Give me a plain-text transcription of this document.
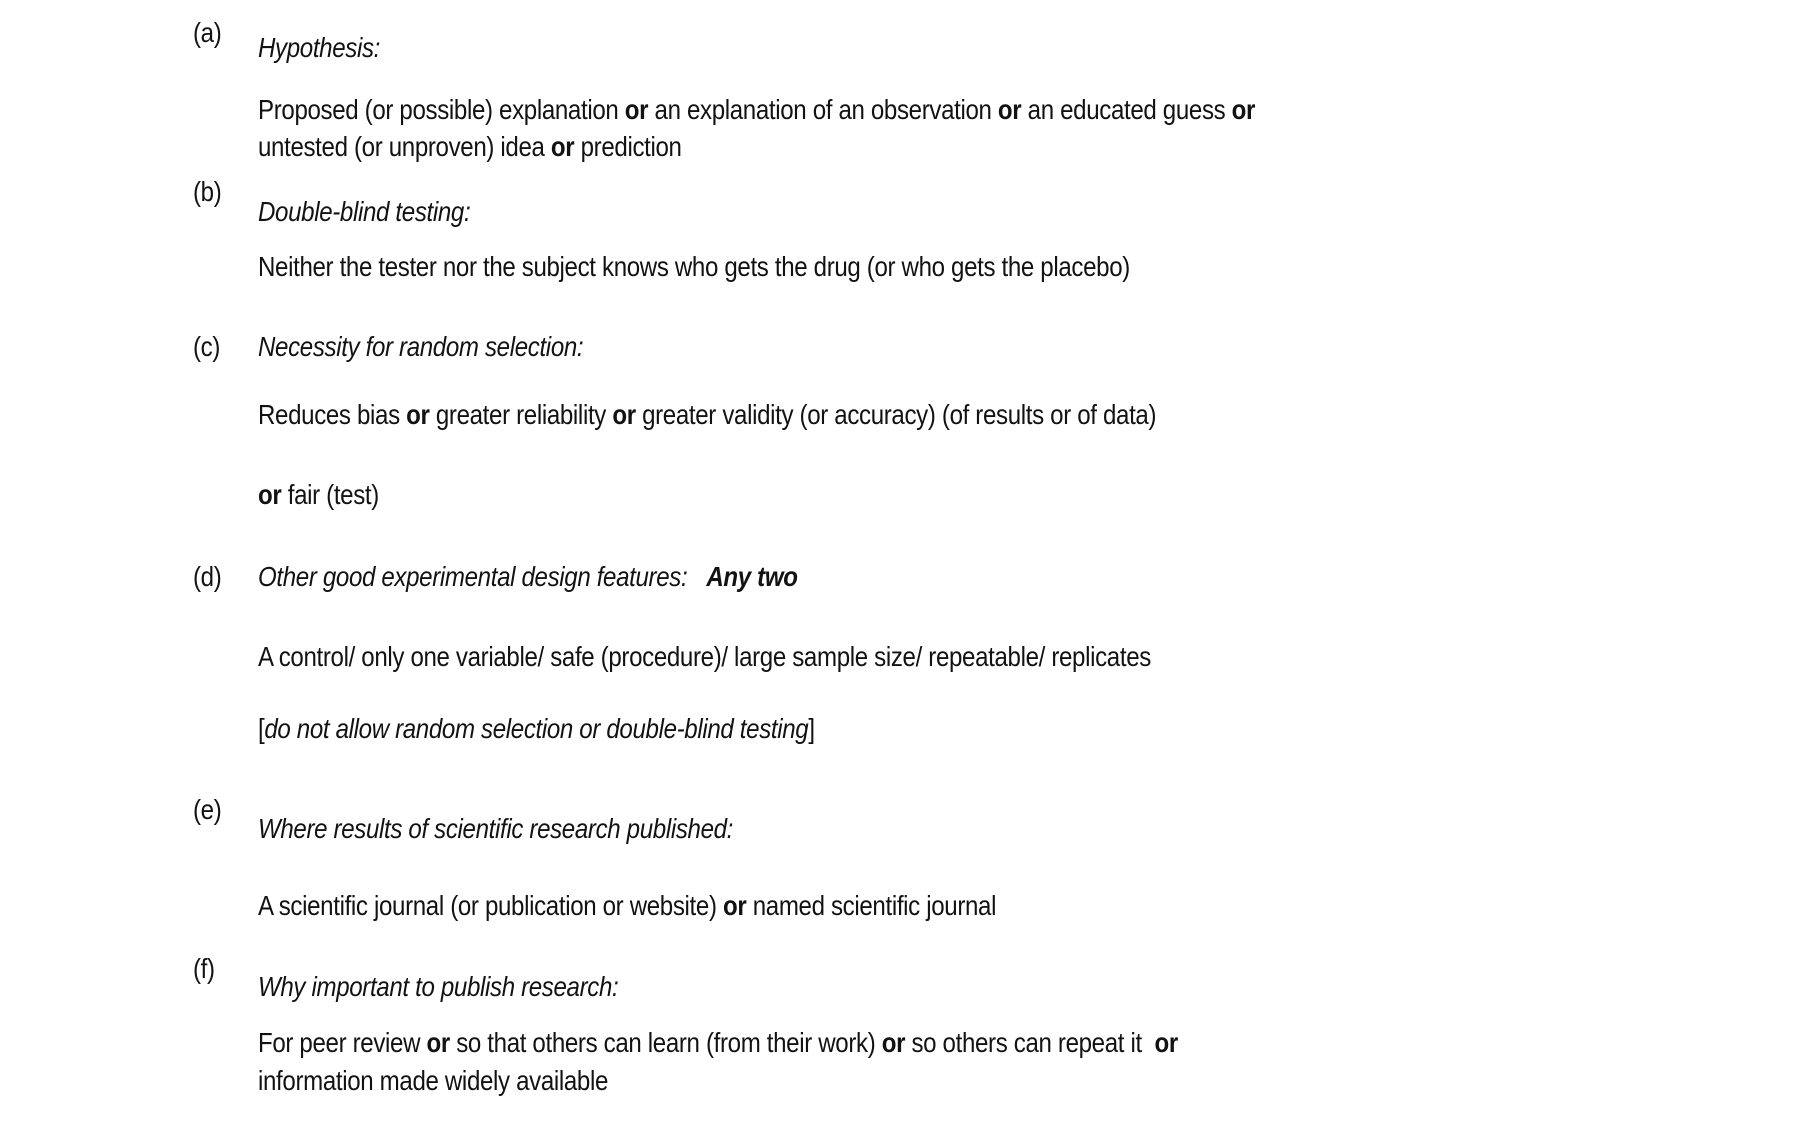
(a) Hypothesis:
Proposed (or possible) explanation or an explanation of an observation or an educated guess or
untested (or unproven) idea or prediction
(b)
Double-blind testing:
Neither the tester nor the subject knows who gets the drug (or who gets the placebo)
(c) Necessity for random selection:
Reduces bias or greater reliability or greater validity (or accuracy) (of results or of data)
or fair (test)
(d) Other good experimental design features:   Any two
A control/ only one variable/ safe (procedure)/ large sample size/ repeatable/ replicates
[do not allow random selection or double-blind testing]
(e)
Where results of scientific research published:
A scientific journal (or publication or website) or named scientific journal
(f)
Why important to publish research:
For peer review or so that others can learn (from their work) or so others can repeat it  or
information made widely available
